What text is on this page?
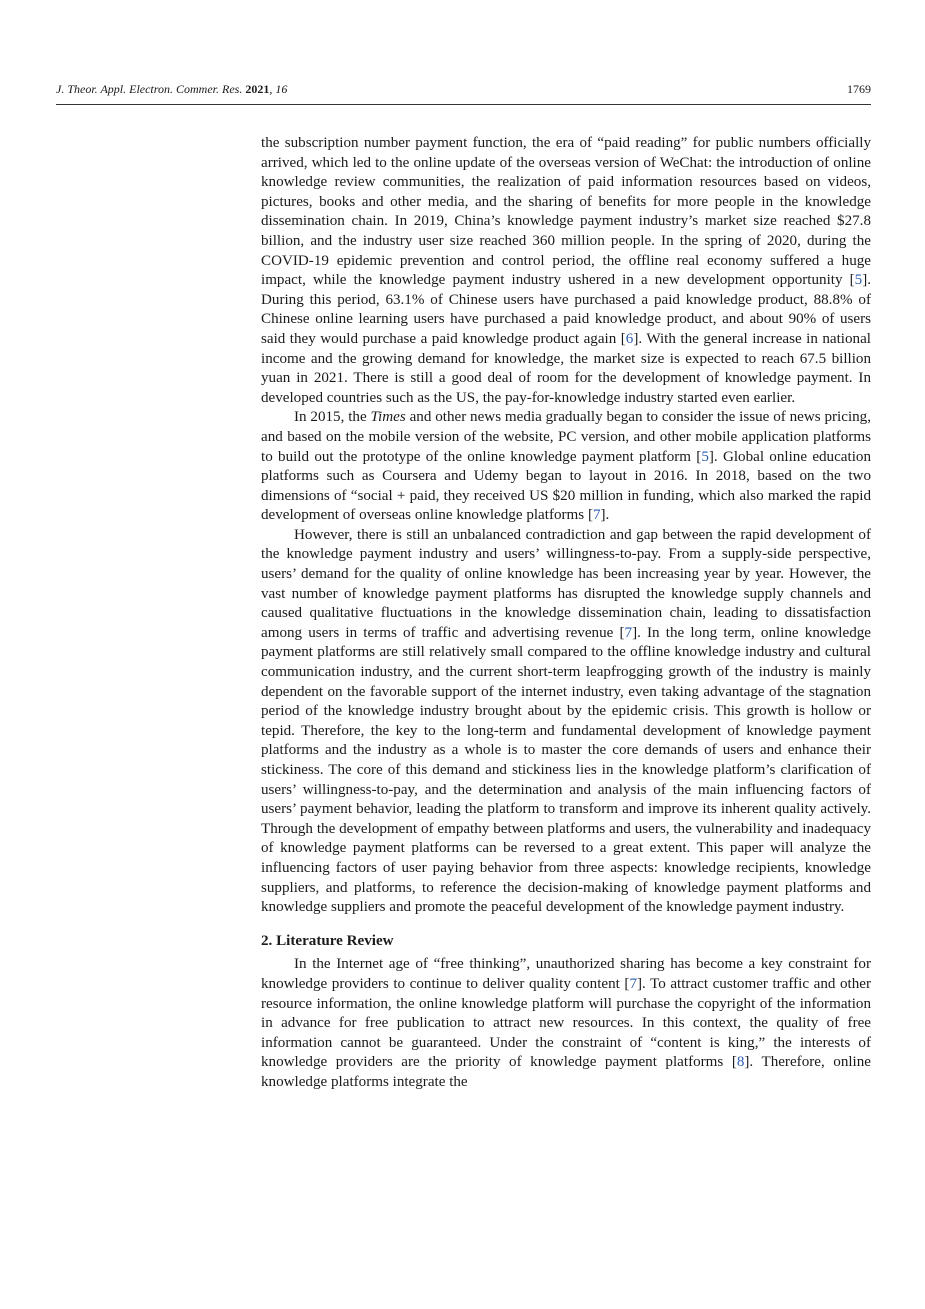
J. Theor. Appl. Electron. Commer. Res. 2021, 16	1769

the subscription number payment function, the era of “paid reading” for public numbers officially arrived, which led to the online update of the overseas version of WeChat: the introduction of online knowledge review communities, the realization of paid information resources based on videos, pictures, books and other media, and the sharing of benefits for more people in the knowledge dissemination chain. In 2019, China’s knowledge payment industry’s market size reached $27.8 billion, and the industry user size reached 360 million people. In the spring of 2020, during the COVID-19 epidemic prevention and control period, the offline real economy suffered a huge impact, while the knowledge payment industry ushered in a new development opportunity [5]. During this period, 63.1% of Chinese users have purchased a paid knowledge product, 88.8% of Chinese online learning users have purchased a paid knowledge product, and about 90% of users said they would purchase a paid knowledge product again [6]. With the general increase in national income and the growing demand for knowledge, the market size is expected to reach 67.5 billion yuan in 2021. There is still a good deal of room for the development of knowledge payment. In developed countries such as the US, the pay-for-knowledge industry started even earlier.

In 2015, the Times and other news media gradually began to consider the issue of news pricing, and based on the mobile version of the website, PC version, and other mobile application platforms to build out the prototype of the online knowledge payment platform [5]. Global online education platforms such as Coursera and Udemy began to layout in 2016. In 2018, based on the two dimensions of “social + paid, they received US $20 million in funding, which also marked the rapid development of overseas online knowledge platforms [7].

However, there is still an unbalanced contradiction and gap between the rapid development of the knowledge payment industry and users’ willingness-to-pay. From a supply-side perspective, users’ demand for the quality of online knowledge has been increasing year by year. However, the vast number of knowledge payment platforms has disrupted the knowledge supply channels and caused qualitative fluctuations in the knowledge dissemination chain, leading to dissatisfaction among users in terms of traffic and advertising revenue [7]. In the long term, online knowledge payment platforms are still relatively small compared to the offline knowledge industry and cultural communication industry, and the current short-term leapfrogging growth of the industry is mainly dependent on the favorable support of the internet industry, even taking advantage of the stagnation period of the knowledge industry brought about by the epidemic crisis. This growth is hollow or tepid. Therefore, the key to the long-term and fundamental development of knowledge payment platforms and the industry as a whole is to master the core demands of users and enhance their stickiness. The core of this demand and stickiness lies in the knowledge platform’s clarification of users’ willingness-to-pay, and the determination and analysis of the main influencing factors of users’ payment behavior, leading the platform to transform and improve its inherent quality actively. Through the development of empathy between platforms and users, the vulnerability and inadequacy of knowledge payment platforms can be reversed to a great extent. This paper will analyze the influencing factors of user paying behavior from three aspects: knowledge recipients, knowledge suppliers, and platforms, to reference the decision-making of knowledge payment platforms and knowledge suppliers and promote the peaceful development of the knowledge payment industry.

2. Literature Review

In the Internet age of “free thinking”, unauthorized sharing has become a key constraint for knowledge providers to continue to deliver quality content [7]. To attract customer traffic and other resource information, the online knowledge platform will purchase the copyright of the information in advance for free publication to attract new resources. In this context, the quality of free information cannot be guaranteed. Under the constraint of “content is king,” the interests of knowledge providers are the priority of knowledge payment platforms [8]. Therefore, online knowledge platforms integrate the
